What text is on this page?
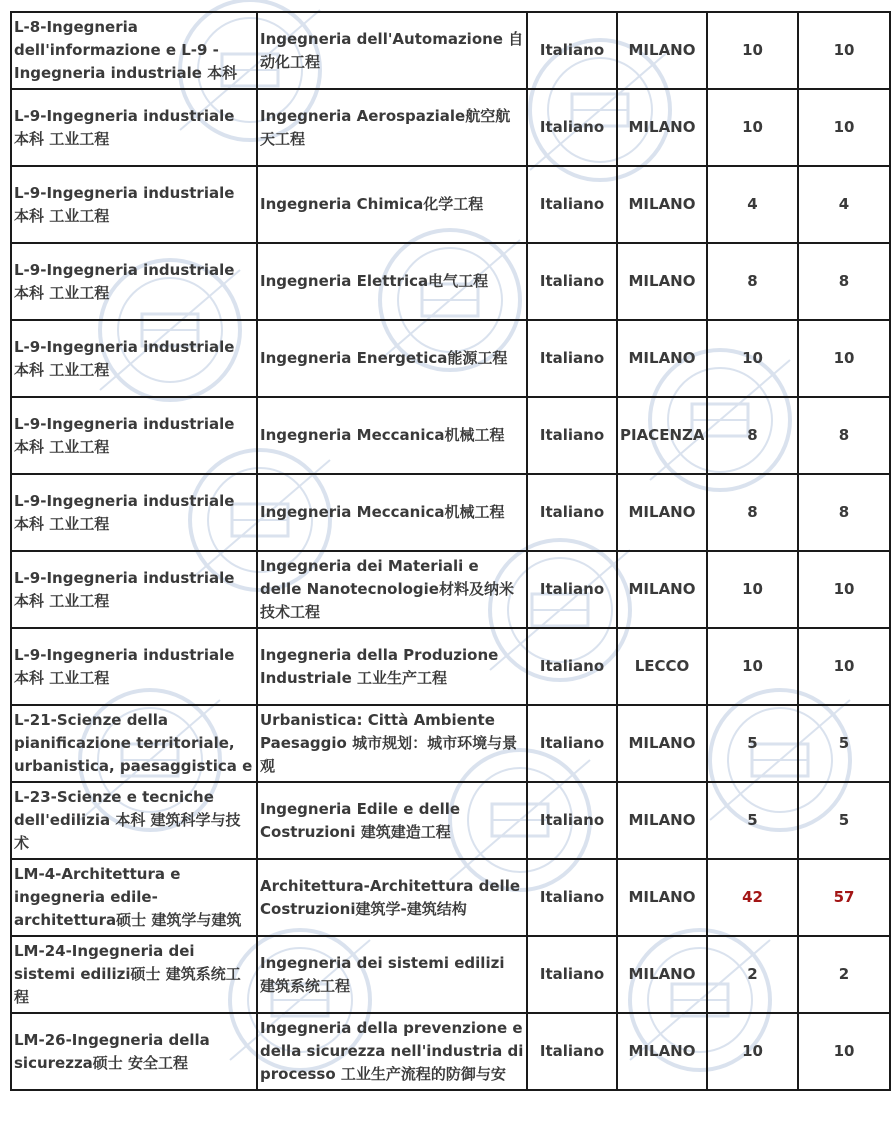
L-8-Ingegneria dell'informazione e L-9 - Ingegneria industriale 本科	Ingegneria dell'Automazione 自动化工程	Italiano	MILANO	10	10

L-9-Ingegneria industriale 本科 工业工程	Ingegneria Aerospaziale航空航天工程	Italiano	MILANO	10	10

L-9-Ingegneria industriale 本科 工业工程	Ingegneria Chimica化学工程	Italiano	MILANO	4	4

L-9-Ingegneria industriale 本科 工业工程	Ingegneria Elettrica电气工程	Italiano	MILANO	8	8

L-9-Ingegneria industriale 本科 工业工程	Ingegneria Energetica能源工程	Italiano	MILANO	10	10

L-9-Ingegneria industriale 本科 工业工程	Ingegneria Meccanica机械工程	Italiano	PIACENZA	8	8

L-9-Ingegneria industriale 本科 工业工程	Ingegneria Meccanica机械工程	Italiano	MILANO	8	8

L-9-Ingegneria industriale 本科 工业工程	Ingegneria dei Materiali e delle Nanotecnologie材料及纳米技术工程	Italiano	MILANO	10	10

L-9-Ingegneria industriale 本科 工业工程	Ingegneria della Produzione Industriale 工业生产工程	Italiano	LECCO	10	10

L-21-Scienze della pianificazione territoriale, urbanistica, paesaggistica e	Urbanistica: Città Ambiente Paesaggio 城市规划：城市环境与景观	Italiano	MILANO	5	5

L-23-Scienze e tecniche dell'edilizia 本科 建筑科学与技术	Ingegneria Edile e delle Costruzioni 建筑建造工程	Italiano	MILANO	5	5

LM-4-Architettura e ingegneria edile-architettura硕士 建筑学与建筑	Architettura-Architettura delle Costruzioni建筑学-建筑结构	Italiano	MILANO	42	57

LM-24-Ingegneria dei sistemi edilizi硕士 建筑系统工程	Ingegneria dei sistemi edilizi 建筑系统工程	Italiano	MILANO	2	2

LM-26-Ingegneria della sicurezza硕士 安全工程	Ingegneria della prevenzione e della sicurezza nell'industria di processo 工业生产流程的防御与安	Italiano	MILANO	10	10
